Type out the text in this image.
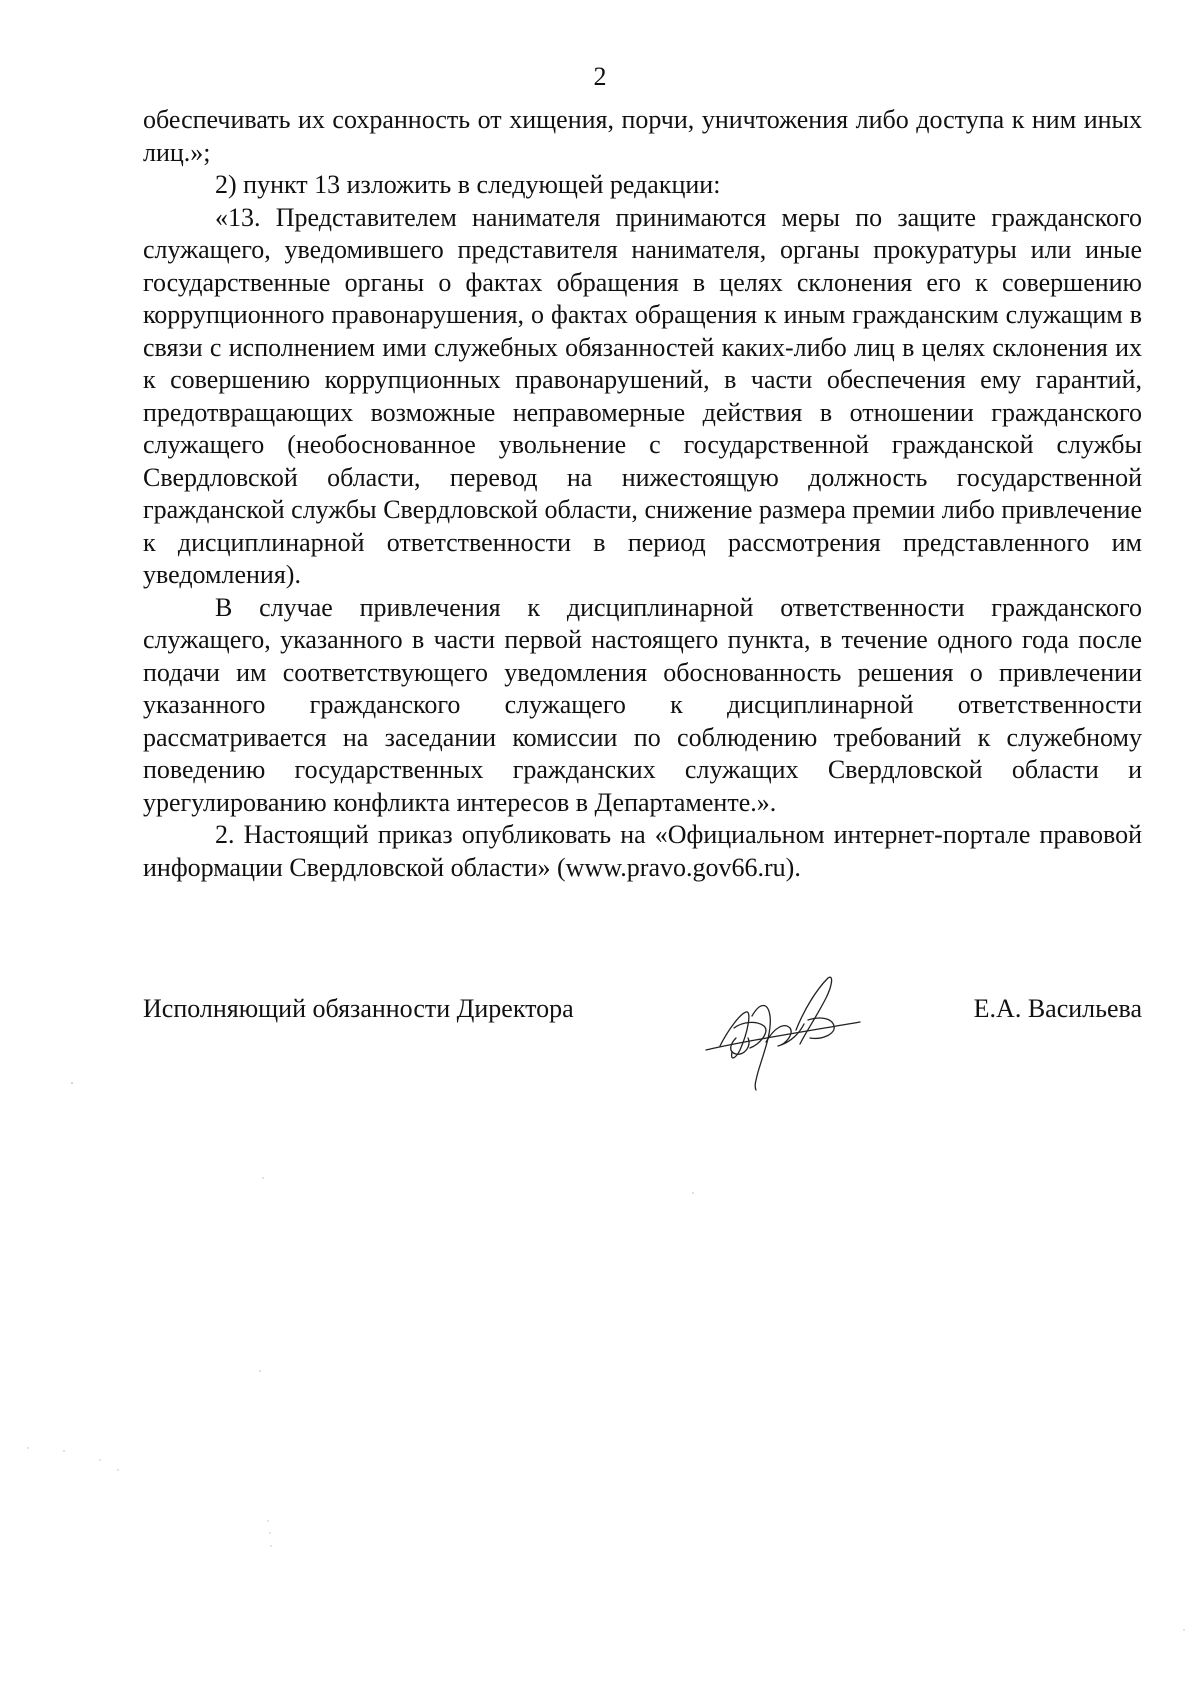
2

обеспечивать их сохранность от хищения, порчи, уничтожения либо доступа к ним иных лиц.»;

2) пункт 13 изложить в следующей редакции:

«13. Представителем нанимателя принимаются меры по защите гражданского служащего, уведомившего представителя нанимателя, органы прокуратуры или иные государственные органы о фактах обращения в целях склонения его к совершению коррупционного правонарушения, о фактах обращения к иным гражданским служащим в связи с исполнением ими служебных обязанностей каких-либо лиц в целях склонения их к совершению коррупционных правонарушений, в части обеспечения ему гарантий, предотвращающих возможные неправомерные действия в отношении гражданского служащего (необоснованное увольнение с государственной гражданской службы Свердловской области, перевод на нижестоящую должность государственной гражданской службы Свердловской области, снижение размера премии либо привлечение к дисциплинарной ответственности в период рассмотрения представленного им уведомления).

В случае привлечения к дисциплинарной ответственности гражданского служащего, указанного в части первой настоящего пункта, в течение одного года после подачи им соответствующего уведомления обоснованность решения о привлечении указанного гражданского служащего к дисциплинарной ответственности рассматривается на заседании комиссии по соблюдению требований к служебному поведению государственных гражданских служащих Свердловской области и урегулированию конфликта интересов в Департаменте.».

2. Настоящий приказ опубликовать на «Официальном интернет-портале правовой информации Свердловской области» (www.pravo.gov66.ru).

Исполняющий обязанности Директора	Е.А. Васильева
